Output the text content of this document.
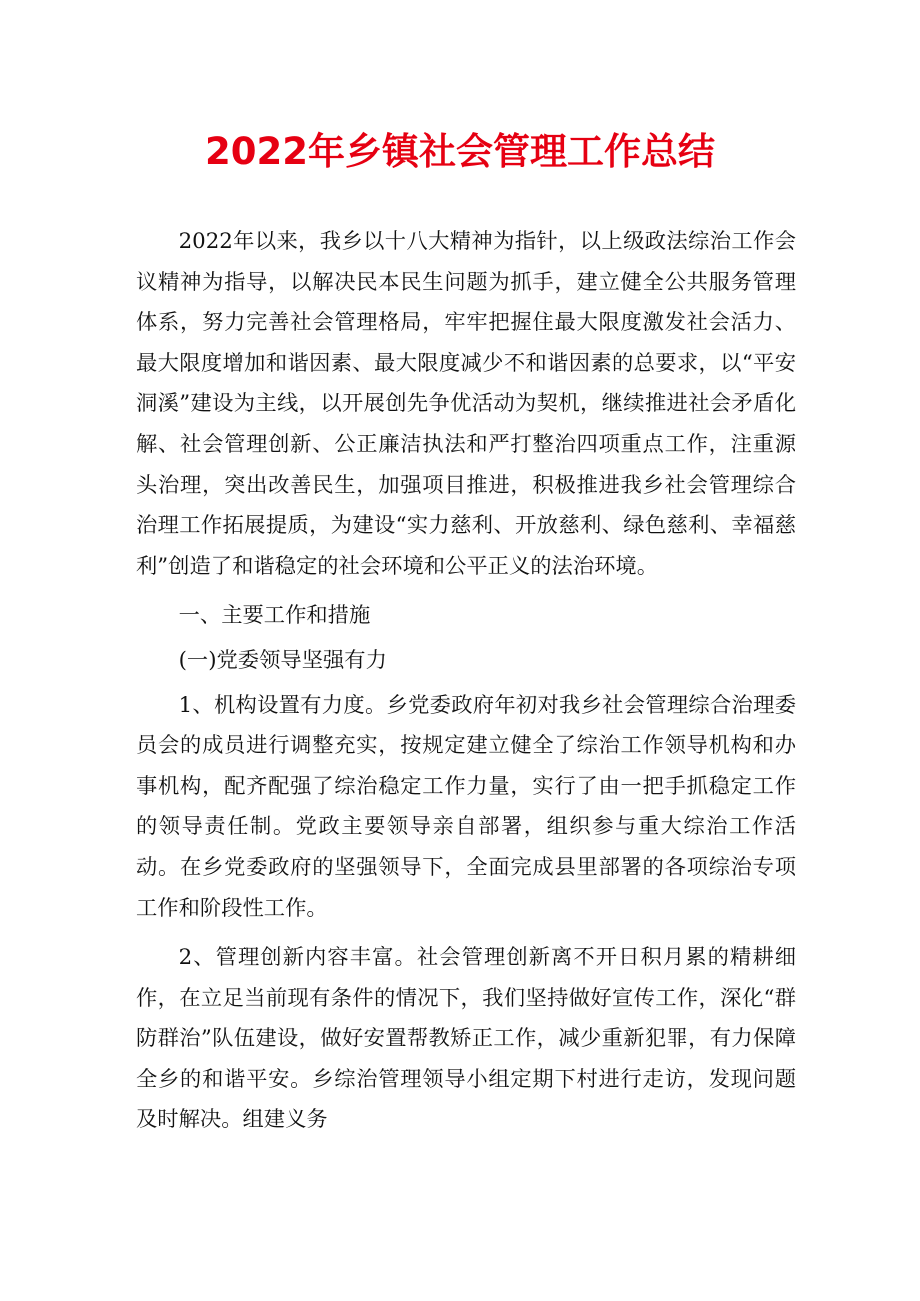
2022年乡镇社会管理工作总结

2022年以来，我乡以十八大精神为指针，以上级政法综治工作会议精神为指导，以解决民本民生问题为抓手，建立健全公共服务管理体系，努力完善社会管理格局，牢牢把握住最大限度激发社会活力、最大限度增加和谐因素、最大限度减少不和谐因素的总要求，以“平安洞溪”建设为主线，以开展创先争优活动为契机，继续推进社会矛盾化解、社会管理创新、公正廉洁执法和严打整治四项重点工作，注重源头治理，突出改善民生，加强项目推进，积极推进我乡社会管理综合治理工作拓展提质，为建设“实力慈利、开放慈利、绿色慈利、幸福慈利”创造了和谐稳定的社会环境和公平正义的法治环境。

一、主要工作和措施

(一)党委领导坚强有力

1、机构设置有力度。乡党委政府年初对我乡社会管理综合治理委员会的成员进行调整充实，按规定建立健全了综治工作领导机构和办事机构，配齐配强了综治稳定工作力量，实行了由一把手抓稳定工作的领导责任制。党政主要领导亲自部署，组织参与重大综治工作活动。在乡党委政府的坚强领导下，全面完成县里部署的各项综治专项工作和阶段性工作。

2、管理创新内容丰富。社会管理创新离不开日积月累的精耕细作，在立足当前现有条件的情况下，我们坚持做好宣传工作，深化“群防群治”队伍建设，做好安置帮教矫正工作，减少重新犯罪，有力保障全乡的和谐平安。乡综治管理领导小组定期下村进行走访，发现问题及时解决。组建义务
